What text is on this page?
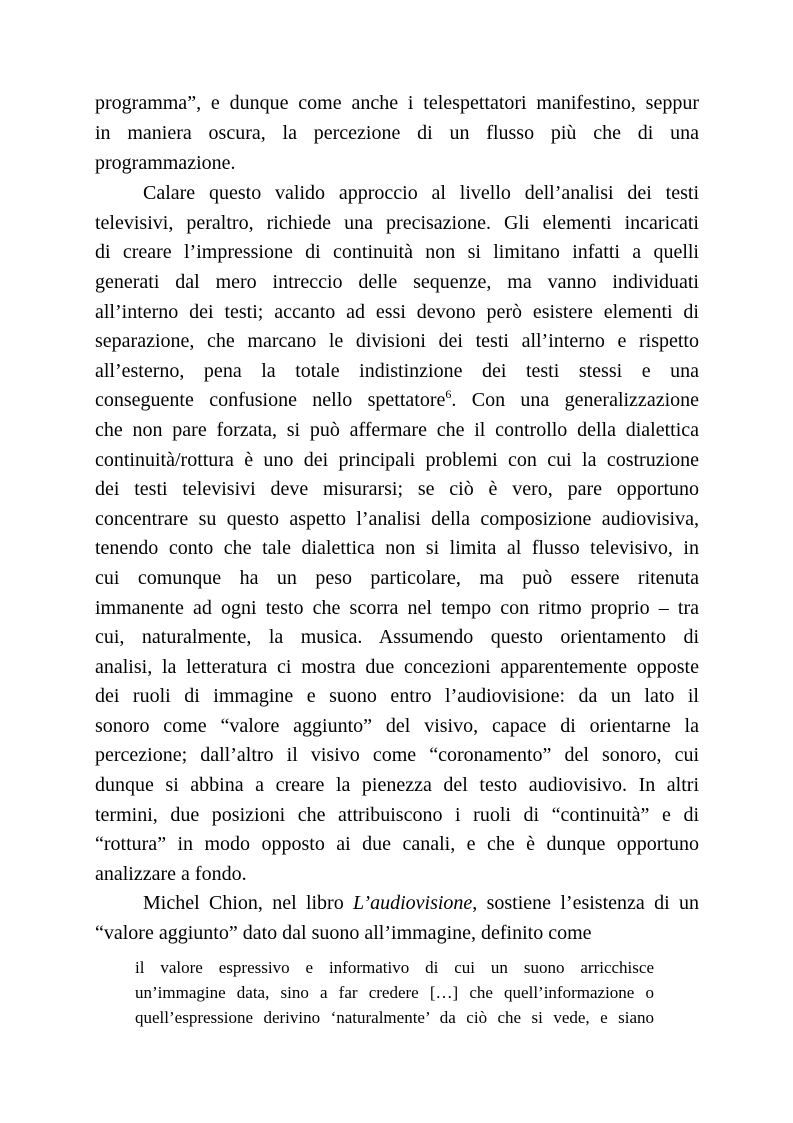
programma”, e dunque come anche i telespettatori manifestino, seppur
in maniera oscura, la percezione di un flusso più che di una
programmazione.
Calare questo valido approccio al livello dell’analisi dei testi
televisivi, peraltro, richiede una precisazione. Gli elementi incaricati
di creare l’impressione di continuità non si limitano infatti a quelli
generati dal mero intreccio delle sequenze, ma vanno individuati
all’interno dei testi; accanto ad essi devono però esistere elementi di
separazione, che marcano le divisioni dei testi all’interno e rispetto
all’esterno, pena la totale indistinzione dei testi stessi e una
conseguente confusione nello spettatore$^6$. Con una generalizzazione
che non pare forzata, si può affermare che il controllo della dialettica
continuità/rottura è uno dei principali problemi con cui la costruzione
dei testi televisivi deve misurarsi; se ciò è vero, pare opportuno
concentrare su questo aspetto l’analisi della composizione audiovisiva,
tenendo conto che tale dialettica non si limita al flusso televisivo, in
cui comunque ha un peso particolare, ma può essere ritenuta
immanente ad ogni testo che scorra nel tempo con ritmo proprio – tra
cui, naturalmente, la musica. Assumendo questo orientamento di
analisi, la letteratura ci mostra due concezioni apparentemente opposte
dei ruoli di immagine e suono entro l’audiovisione: da un lato il
sonoro come “valore aggiunto” del visivo, capace di orientarne la
percezione; dall’altro il visivo come “coronamento” del sonoro, cui
dunque si abbina a creare la pienezza del testo audiovisivo. In altri
termini, due posizioni che attribuiscono i ruoli di “continuità” e di
“rottura” in modo opposto ai due canali, e che è dunque opportuno
analizzare a fondo.
Michel Chion, nel libro L’audiovisione, sostiene l’esistenza di un
“valore aggiunto” dato dal suono all’immagine, definito come
il valore espressivo e informativo di cui un suono arricchisce
un’immagine data, sino a far credere […] che quell’informazione o
quell’espressione derivino ‘naturalmente’ da ciò che si vede, e siano
